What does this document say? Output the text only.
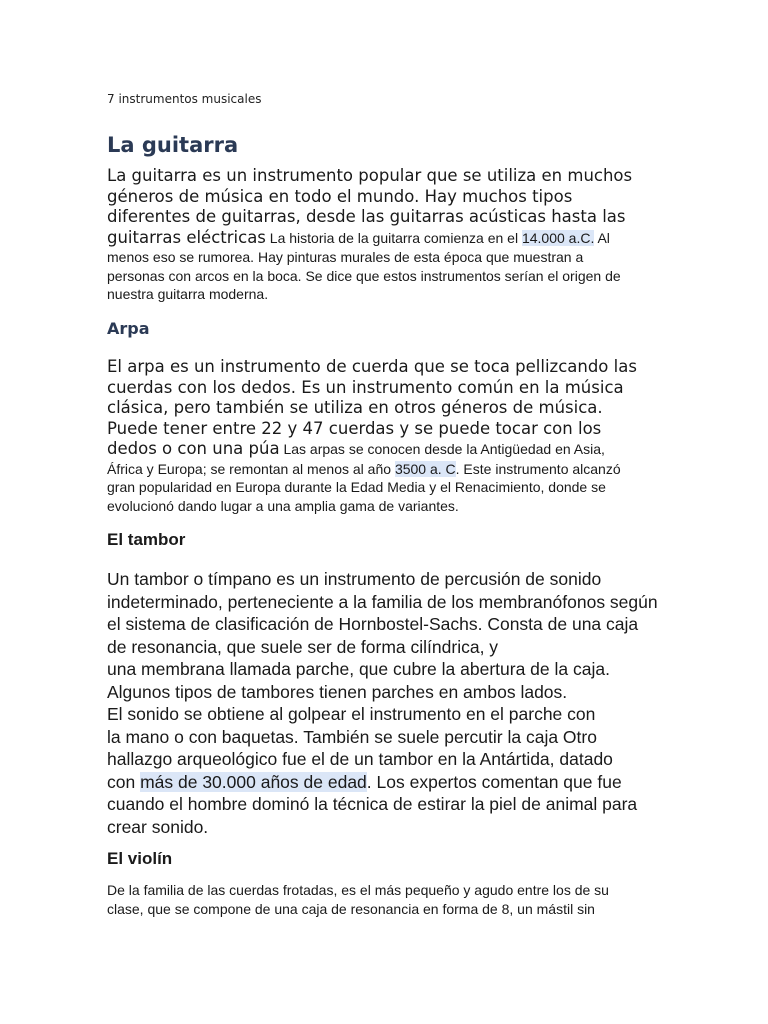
7 instrumentos musicales
La guitarra
La guitarra es un instrumento popular que se utiliza en muchos
géneros de música en todo el mundo. Hay muchos tipos
diferentes de guitarras, desde las guitarras acústicas hasta las
guitarras eléctricas La historia de la guitarra comienza en el 14.000 a.C. Al
menos eso se rumorea. Hay pinturas murales de esta época que muestran a
personas con arcos en la boca. Se dice que estos instrumentos serían el origen de
nuestra guitarra moderna.
Arpa
El arpa es un instrumento de cuerda que se toca pellizcando las
cuerdas con los dedos. Es un instrumento común en la música
clásica, pero también se utiliza en otros géneros de música.
Puede tener entre 22 y 47 cuerdas y se puede tocar con los
dedos o con una púa Las arpas se conocen desde la Antigüedad en Asia,
África y Europa; se remontan al menos al año 3500 a. C. Este instrumento alcanzó
gran popularidad en Europa durante la Edad Media y el Renacimiento, donde se
evolucionó dando lugar a una amplia gama de variantes.
El tambor
Un tambor o tímpano es un instrumento de percusión de sonido
indeterminado, perteneciente a la familia de los membranófonos según
el sistema de clasificación de Hornbostel-Sachs. Consta de una caja
de resonancia, que suele ser de forma cilíndrica, y
una membrana llamada parche, que cubre la abertura de la caja.
Algunos tipos de tambores tienen parches en ambos lados.
El sonido se obtiene al golpear el instrumento en el parche con
la mano o con baquetas. También se suele percutir la caja Otro
hallazgo arqueológico fue el de un tambor en la Antártida, datado
con más de 30.000 años de edad. Los expertos comentan que fue
cuando el hombre dominó la técnica de estirar la piel de animal para
crear sonido.
El violín
De la familia de las cuerdas frotadas, es el más pequeño y agudo entre los de su
clase, que se compone de una caja de resonancia en forma de 8, un mástil sin
